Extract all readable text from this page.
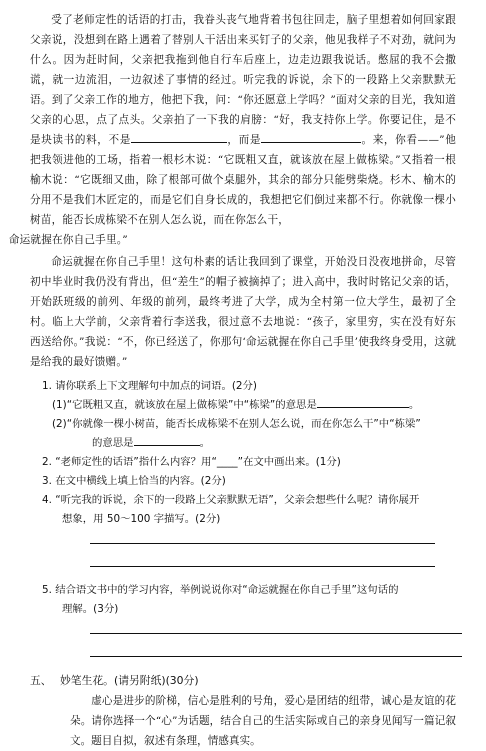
受了老师定性的话语的打击，我眷头丧气地背着书包往回走，脑子里想着如何回家跟父亲说，没想到在路上遇着了替别人干活出来买钉子的父亲，他见我样子不对劲，就问为什么。因为赶时间，父亲把我拖到他自行车后座上，边走边跟我说话。憋屈的我不会撒谎，就一边流泪，一边叙述了事情的经过。听完我的诉说，余下的一段路上父亲默默无语。到了父亲工作的地方，他把下我，问：“你还愿意上学吗？”面对父亲的目光，我知道父亲的心思，点了点头。父亲拍了一下我的肩膀：“好，我支持你上学。你要记住，是不是块读书的料，不是	，而是	。来，你看——”他把我领进他的工场，指着一根杉木说：“它既粗又直，就该放在屋上做栋梁。”又指着一根榆木说：“它既细又曲，除了根部可做个桌腿外，其余的部分只能劈柴烧。杉木、榆木的分用不是我们木匠定的，而是它们自身长成的，我想把它们倒过来都不行。你就像一棵小树苗，能否长成栋梁不在别人怎么说，而在你怎么干，
命运就握在你自己手里。”

命运就握在你自己手里！这句朴素的话让我回到了课堂，开始没日没夜地拼命，尽管初中毕业时我仍没有背出，但“差生”的帽子被摘掉了；进入高中，我时时铭记父亲的话，开始跃班级的前列、年级的前列，最终考进了大学，成为全村第一位大学生，最初了全村。临上大学前，父亲背着行李送我，很过意不去地说：“孩子，家里穷，实在没有好东西送给你。”我说：“不，你已经送了，你那句‘命运就握在你自己手里’使我终身受用，这就是给我的最好馈赠。”

1. 请你联系上下文理解句中加点的词语。(2分)

(1)“它既粗又直，就该放在屋上做栋梁”中“栋梁”的意思是	。

(2)“你就像一棵小树苗，能否长成栋梁不在别人怎么说，而在你怎么干”中“栋梁”

的意思是	。

2. “老师定性的话语”指什么内容？用“____”在文中画出来。(1分)

3. 在文中横线上填上恰当的内容。(2分)

4. “听完我的诉说，余下的一段路上父亲默默无语”，父亲会想些什么呢？请你展开

想象，用 50～100 字描写。(2分)

5. 结合语文书中的学习内容，举例说说你对“命运就握在你自己手里”这句话的

理解。(3分)

五、 妙笔生花。(请另附纸)(30分)

虚心是进步的阶梯，信心是胜利的号角，爱心是团结的纽带，诚心是友谊的花朵。请你选择一个“心”为话题，结合自己的生活实际或自己的亲身见闻写一篇记叙文。题目自拟，叙述有条理，情感真实。
